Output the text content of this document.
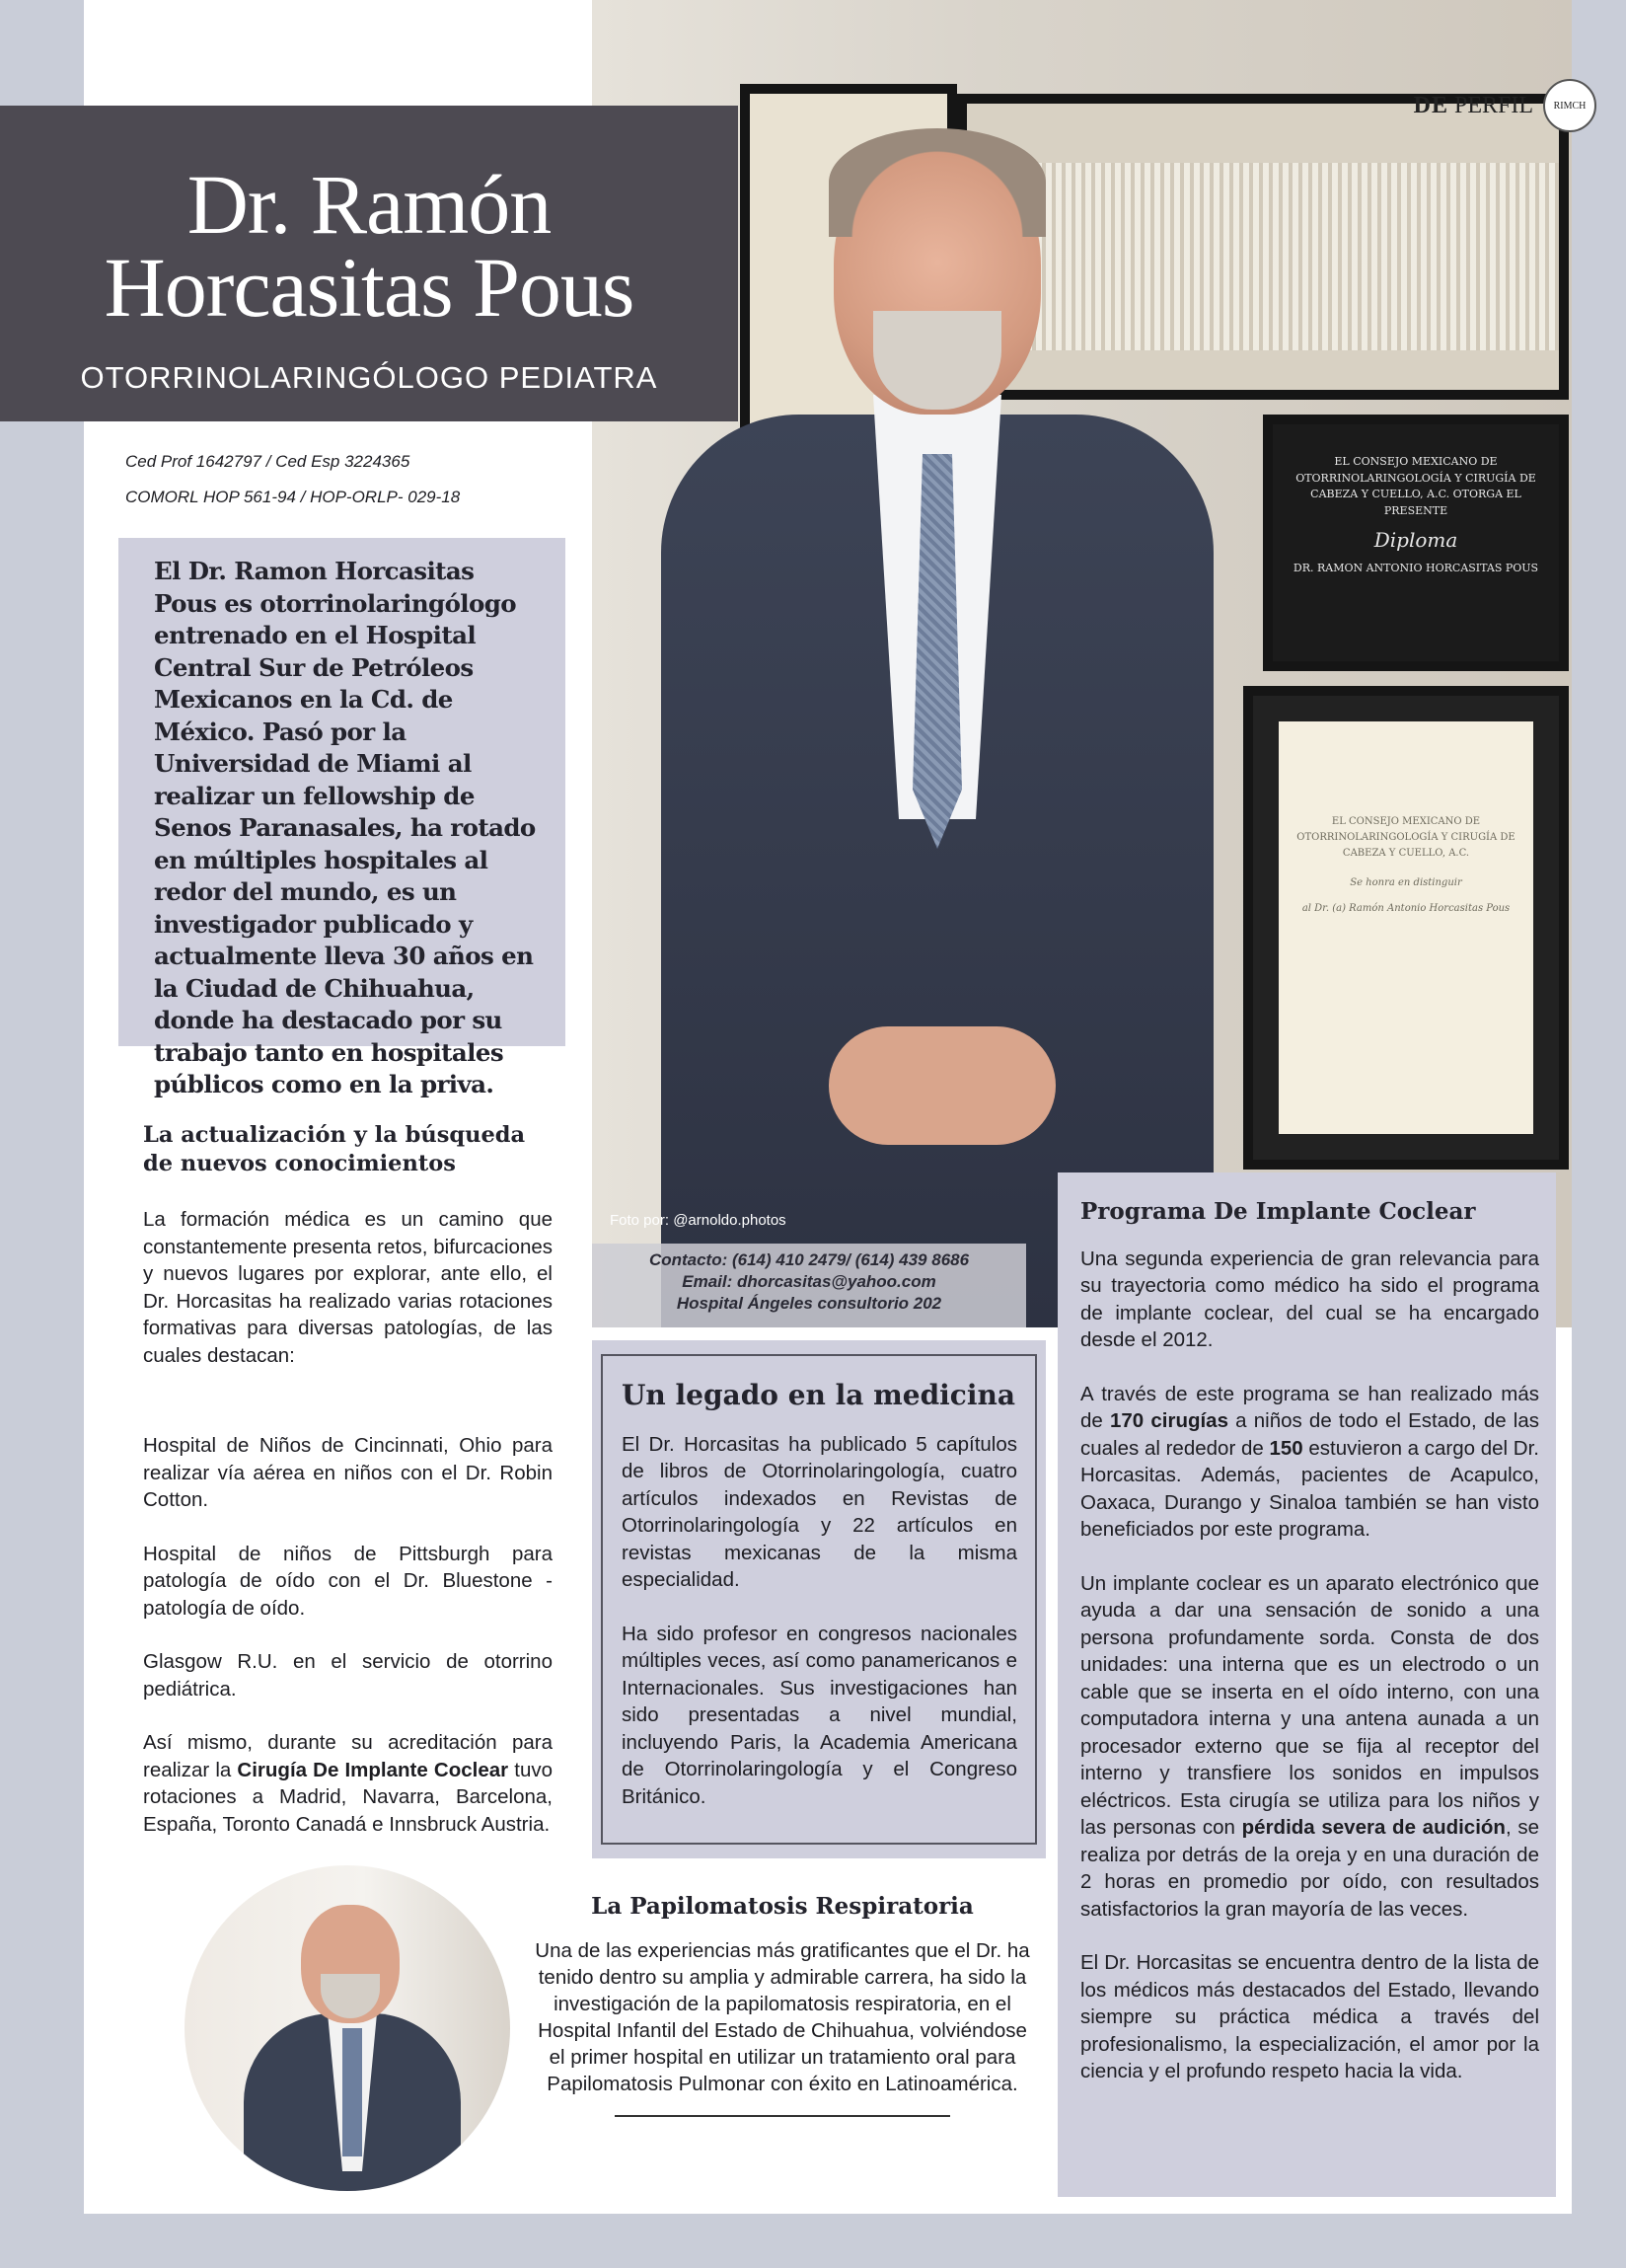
EL CONSEJO MEXICANO DE OTORRINOLARINGOLOGÍA Y CIRUGÍA DE CABEZA Y CUELLO, A.C. OTORGA EL PRESENTE
Diploma
DR. RAMON ANTONIO HORCASITAS POUS
EL CONSEJO MEXICANO DE OTORRINOLARINGOLOGÍA Y CIRUGÍA DE CABEZA Y CUELLO, A.C.
Se honra en distinguir
al Dr. (a) Ramón Antonio Horcasitas Pous
Foto por: @arnoldo.photos
Contacto: (614) 410 2479/ (614) 439 8686
Email: dhorcasitas@yahoo.com
Hospital Ángeles consultorio 202
DE PERFIL	RIMCH
Dr. Ramón
Horcasitas Pous
OTORRINOLARINGÓLOGO PEDIATRA
Ced Prof 1642797 / Ced Esp 3224365
COMORL HOP 561-94 / HOP-ORLP- 029-18
El Dr. Ramon Horcasitas Pous es otorrinolaringólogo entrenado en el Hospital Central Sur de Petróleos Mexicanos en la Cd. de México. Pasó por la Universidad de Miami al realizar un fellowship de Senos Paranasales, ha rotado en múltiples hospitales al redor del mundo, es un investigador publicado y actualmente lleva 30 años en la Ciudad de Chihuahua, donde ha destacado por su trabajo tanto en hospitales públicos como en la priva.
La actualización y la búsqueda de nuevos conocimientos

La formación médica es un camino que constantemente presenta retos, bifurcaciones y nuevos lugares por explorar, ante ello, el Dr. Horcasitas ha realizado varias rotaciones formativas para diversas patologías, de las cuales destacan:

Hospital de Niños de Cincinnati, Ohio para realizar vía aérea en niños con el Dr. Robin Cotton.

Hospital de niños de Pittsburgh para patología de oído con el Dr. Bluestone - patología de oído.

Glasgow R.U. en el servicio de otorrino pediátrica.

Así mismo, durante su acreditación para realizar la Cirugía De Implante Coclear tuvo rotaciones a Madrid, Navarra, Barcelona, España, Toronto Canadá e Innsbruck Austria.

Un legado en la medicina

El Dr. Horcasitas ha publicado 5 capítulos de libros de Otorrinolaringología, cuatro artículos indexados en Revistas de Otorrinolaringología y 22 artículos en revistas mexicanas de la misma especialidad.

Ha sido profesor en congresos nacionales múltiples veces, así como panamericanos e Internacionales. Sus investigaciones han sido presentadas a nivel mundial, incluyendo Paris, la Academia Americana de Otorrinolaringología y el Congreso Británico.

La Papilomatosis Respiratoria

Una de las experiencias más gratificantes que el Dr. ha tenido dentro su amplia y admirable carrera, ha sido la investigación de la papilomatosis respiratoria, en el Hospital Infantil del Estado de Chihuahua, volviéndose el primer hospital en utilizar un tratamiento oral para Papilomatosis Pulmonar con éxito en Latinoamérica.

Programa De Implante Coclear

Una segunda experiencia de gran relevancia para su trayectoria como médico ha sido el programa de implante coclear, del cual se ha encargado desde el 2012.

A través de este programa se han realizado más de 170 cirugías a niños de todo el Estado, de las cuales al rededor de 150 estuvieron a cargo del Dr. Horcasitas. Además, pacientes de Acapulco, Oaxaca, Durango y Sinaloa también se han visto beneficiados por este programa.

Un implante coclear es un aparato electrónico que ayuda a dar una sensación de sonido a una persona profundamente sorda. Consta de dos unidades: una interna que es un electrodo o un cable que se inserta en el oído interno, con una computadora interna y una antena aunada a un procesador externo que se fija al receptor del interno y transfiere los sonidos en impulsos eléctricos. Esta cirugía se utiliza para los niños y las personas con pérdida severa de audición, se realiza por detrás de la oreja y en una duración de 2 horas en promedio por oído, con resultados satisfactorios la gran mayoría de las veces.

El Dr. Horcasitas se encuentra dentro de la lista de los médicos más destacados del Estado, llevando siempre su práctica médica a través del profesionalismo, la especialización, el amor por la ciencia y el profundo respeto hacia la vida.
